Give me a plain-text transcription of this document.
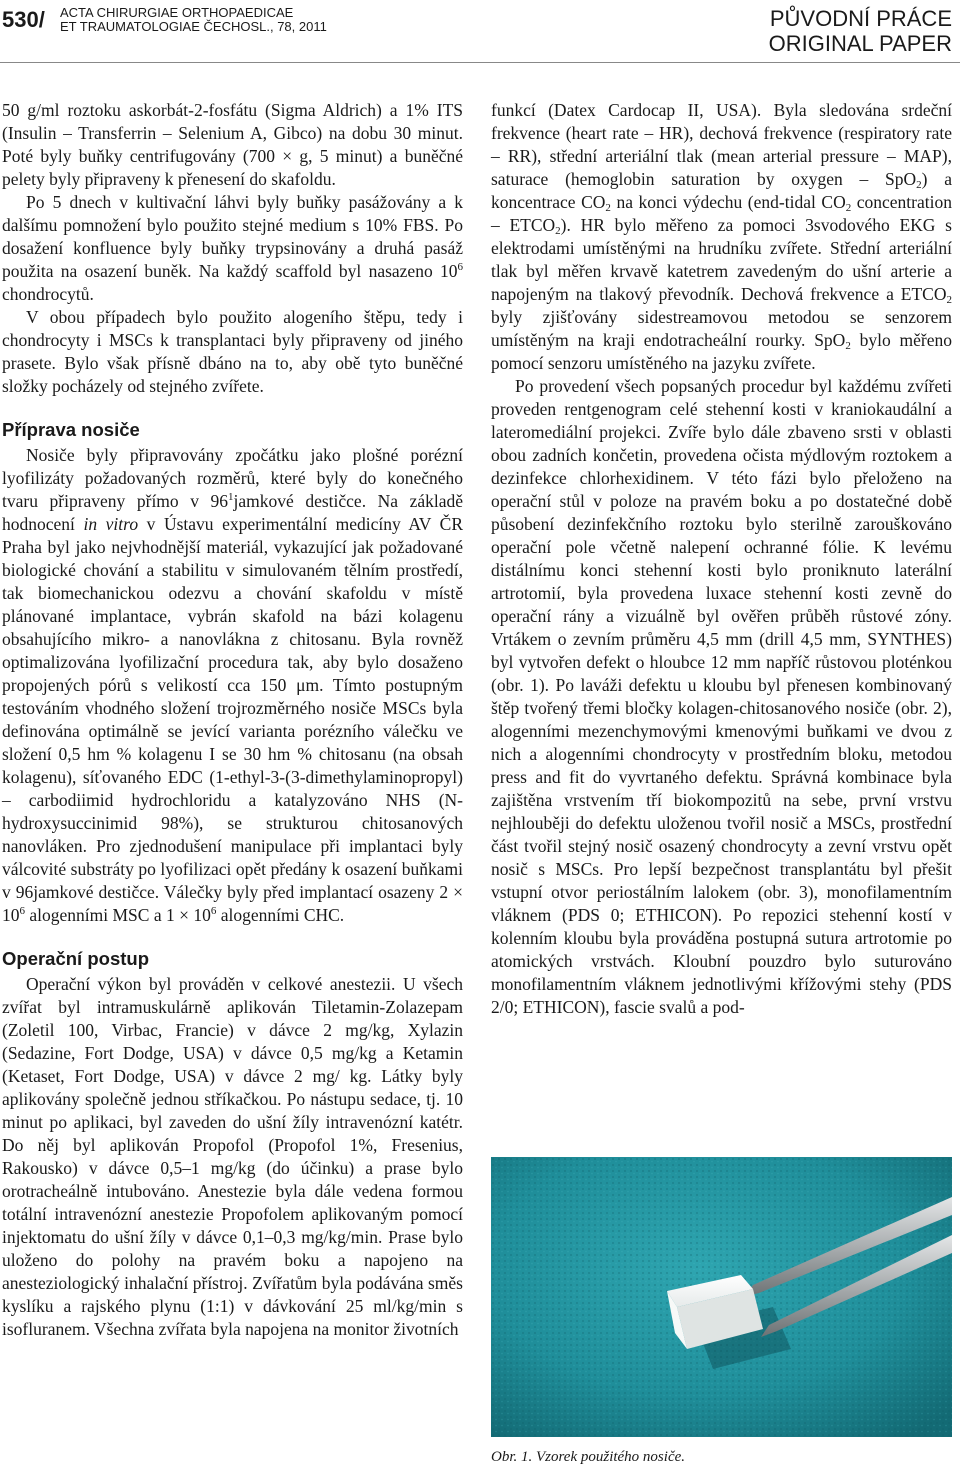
530/ ACTA CHIRURGIAE ORTHOPAEDICAE
ET TRAUMATOLOGIAE ČECHOSL., 78, 2011	PŮVODNÍ PRÁCE
ORIGINAL PAPER

50 g/ml roztoku askorbát-2-fosfátu (Sigma Aldrich) a 1% ITS (Insulin – Transferrin – Selenium A, Gibco) na dobu 30 minut. Poté byly buňky centrifugovány (700 × g, 5 minut) a buněčné pelety byly připraveny k přenesení do skafoldu.

Po 5 dnech v kultivační láhvi byly buňky pasážovány a k dalšímu pomnožení bylo použito stejné medium s 10% FBS. Po dosažení konfluence byly buňky trypsinovány a druhá pasáž použita na osazení buněk. Na každý scaffold byl nasazeno $10^6$ chondrocytů.

V obou případech bylo použito alogeního štěpu, tedy i chondrocyty i MSCs k transplantaci byly připraveny od jiného prasete. Bylo však přísně dbáno na to, aby obě tyto buněčné složky pocházely od stejného zvířete.

Příprava nosiče

Nosiče byly připravovány zpočátku jako plošné porézní lyofilizáty požadovaných rozměrů, které byly do konečného tvaru připraveny přímo v $96^1jamkové$ destičce. Na základě hodnocení in vitro v Ústavu experimentální medicíny AV ČR Praha byl jako nejvhodnější materiál, vykazující jak požadované biologické chování a stabilitu v simulovaném tělním prostředí, tak biomechanickou odezvu a chování skafoldu v místě plánované implantace, vybrán skafold na bázi kolagenu obsahujícího mikro- a nanovlákna z chitosanu. Byla rovněž optimalizována lyofilizační procedura tak, aby bylo dosaženo propojených pórů s velikostí cca 150 μm. Tímto postupným testováním vhodného složení trojrozměrného nosiče MSCs byla definována optimálně se jevící varianta porézního válečku ve složení 0,5 hm % kolagenu I se 30 hm % chitosanu (na obsah kolagenu), síťovaného EDC (1-ethyl-3-(3-dimethylaminopropyl) – carbodiimid hydrochloridu a katalyzováno NHS (N-hydroxysuccinimid 98%), se strukturou chitosanových nanovláken. Pro zjednodušení manipulace při implantaci byly válcovité substráty po lyofilizaci opět předány k osazení buňkami v 96jamkové destičce. Válečky byly před implantací osazeny $2 \times 10^6$ alogenními MSC a $1 \times 10^6$ alogenními CHC.

Operační postup

Operační výkon byl prováděn v celkové anestezii. U všech zvířat byl intramuskulárně aplikován Tiletamin-Zolazepam (Zoletil 100, Virbac, Francie) v dávce 2 mg/kg, Xylazin (Sedazine, Fort Dodge, USA) v dávce 0,5 mg/kg a Ketamin (Ketaset, Fort Dodge, USA) v dávce 2 mg/ kg. Látky byly aplikovány společně jednou stříkačkou. Po nástupu sedace, tj. 10 minut po aplikaci, byl zaveden do ušní žíly intravenózní katétr. Do něj byl aplikován Propofol (Propofol 1%, Fresenius, Rakousko) v dávce 0,5–1 mg/kg (do účinku) a prase bylo orotracheálně intubováno. Anestezie byla dále vedena formou totální intravenózní anestezie Propofolem aplikovaným pomocí injektomatu do ušní žíly v dávce 0,1–0,3 mg/kg/min. Prase bylo uloženo do polohy na pravém boku a napojeno na anesteziologický inhalační přístroj. Zvířatům byla podávána směs kyslíku a rajského plynu (1:1) v dávkování 25 ml/kg/min s isofluranem. Všechna zvířata byla napojena na monitor životních

funkcí (Datex Cardocap II, USA). Byla sledována srdeční frekvence (heart rate – HR), dechová frekvence (respiratory rate – RR), střední arteriální tlak (mean arterial pressure – MAP), saturace (hemoglobin saturation by oxygen – SpO$_2$) a koncentrace $CO_2$ na konci výdechu (end-tidal $CO_2$ concentration – $ETCO_2$). HR bylo měřeno za pomoci 3svodového EKG s elektrodami umístěnými na hrudníku zvířete. Střední arteriální tlak byl měřen krvavě katetrem zavedeným do ušní arterie a napojeným na tlakový převodník. Dechová frekvence a $ETCO_2$ byly zjišťovány sidestreamovou metodou se senzorem umístěným na kraji endotracheální rourky. SpO$_2$ bylo měřeno pomocí senzoru umístěného na jazyku zvířete.

Po provedení všech popsaných procedur byl každému zvířeti proveden rentgenogram celé stehenní kosti v kraniokaudální a lateromediální projekci. Zvíře bylo dále zbaveno srsti v oblasti obou zadních končetin, provedena očista mýdlovým roztokem a dezinfekce chlorhexidinem. V této fázi bylo přeloženo na operační stůl v poloze na pravém boku a po dostatečné době působení dezinfekčního roztoku bylo sterilně zarouškováno operační pole včetně nalepení ochranné fólie. K levému distálnímu konci stehenní kosti bylo proniknuto laterální artrotomií, byla provedena luxace stehenní kosti zevně do operační rány a vizuálně byl ověřen průběh růstové zóny. Vrtákem o zevním průměru 4,5 mm (drill 4,5 mm, SYNTHES) byl vytvořen defekt o hloubce 12 mm napříč růstovou ploténkou (obr. 1). Po laváži defektu u kloubu byl přenesen kombinovaný štěp tvořený třemi bločky kolagen-chitosanového nosiče (obr. 2), alogenními mezenchymovými kmenovými buňkami ve dvou z nich a alogenními chondrocyty v prostředním bloku, metodou press and fit do vyvrtaného defektu. Správná kombinace byla zajištěna vrstvením tří biokompozitů na sebe, první vrstvu nejhlouběji do defektu uloženou tvořil nosič a MSCs, prostřední část tvořil stejný nosič osazený chondrocyty a zevní vrstvu opět nosič s MSCs. Pro lepší bezpečnost transplantátu byl přešit vstupní otvor periostálním lalokem (obr. 3), monofilamentním vláknem (PDS 0; ETHICON). Po repozici stehenní kostí v kolenním kloubu byla prováděna postupná sutura artrotomie po atomických vrstvách. Kloubní pouzdro bylo suturováno monofilamentním vláknem jednotlivými křížovými stehy (PDS 2/0; ETHICON), fascie svalů a pod-

Obr. 1. Vzorek použitého nosiče.
